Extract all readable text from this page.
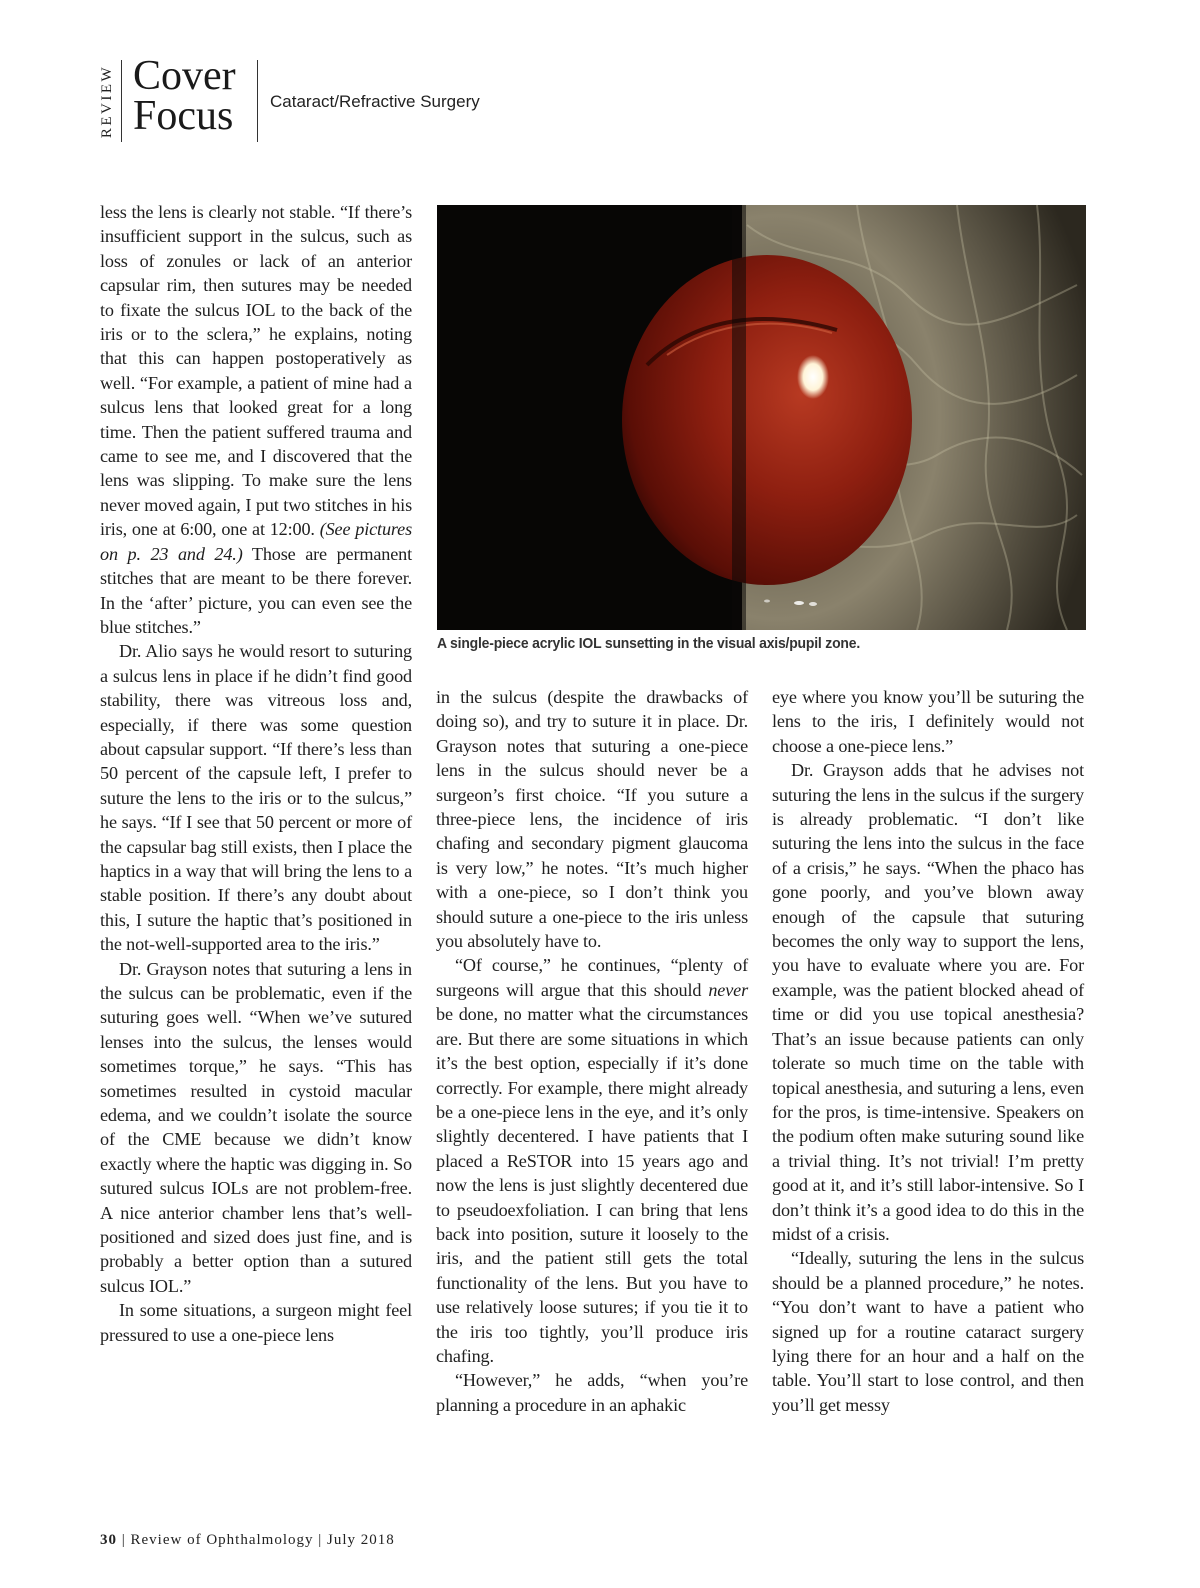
REVIEW Cover
Focus	Cataract/Refractive Surgery
A single-piece acrylic IOL sunsetting in the visual axis/pupil zone.

less the lens is clearly not stable. “If there’s insufficient support in the sulcus, such as loss of zonules or lack of an anterior capsular rim, then sutures may be needed to fixate the sulcus IOL to the back of the iris or to the sclera,” he explains, noting that this can happen postoperatively as well. “For example, a patient of mine had a sulcus lens that looked great for a long time. Then the patient suffered trauma and came to see me, and I discovered that the lens was slipping. To make sure the lens never moved again, I put two stitches in his iris, one at 6:00, one at 12:00. (See pictures on p. 23 and 24.) Those are permanent stitches that are meant to be there forever. In the ‘after’ picture, you can even see the blue stitches.”

Dr. Alio says he would resort to suturing a sulcus lens in place if he didn’t find good stability, there was vitreous loss and, especially, if there was some question about capsular support. “If there’s less than 50 percent of the capsule left, I prefer to suture the lens to the iris or to the sulcus,” he says. “If I see that 50 percent or more of the capsular bag still exists, then I place the haptics in a way that will bring the lens to a stable position. If there’s any doubt about this, I suture the haptic that’s positioned in the not-well-supported area to the iris.”

Dr. Grayson notes that suturing a lens in the sulcus can be problematic, even if the suturing goes well. “When we’ve sutured lenses into the sulcus, the lenses would sometimes torque,” he says. “This has sometimes resulted in cystoid macular edema, and we couldn’t isolate the source of the CME because we didn’t know exactly where the haptic was digging in. So sutured sulcus IOLs are not problem-free. A nice anterior chamber lens that’s well-positioned and sized does just fine, and is probably a better option than a sutured sulcus IOL.”

In some situations, a surgeon might feel pressured to use a one-piece lens

in the sulcus (despite the drawbacks of doing so), and try to suture it in place. Dr. Grayson notes that suturing a one-piece lens in the sulcus should never be a surgeon’s first choice. “If you suture a three-piece lens, the incidence of iris chafing and secondary pigment glaucoma is very low,” he notes. “It’s much higher with a one-piece, so I don’t think you should suture a one-piece to the iris unless you absolutely have to.

“Of course,” he continues, “plenty of surgeons will argue that this should never be done, no matter what the circumstances are. But there are some situations in which it’s the best option, especially if it’s done correctly. For example, there might already be a one-piece lens in the eye, and it’s only slightly decentered. I have patients that I placed a ReSTOR into 15 years ago and now the lens is just slightly decentered due to pseudoexfoliation. I can bring that lens back into position, suture it loosely to the iris, and the patient still gets the total functionality of the lens. But you have to use relatively loose sutures; if you tie it to the iris too tightly, you’ll produce iris chafing.

“However,” he adds, “when you’re planning a procedure in an aphakic

eye where you know you’ll be suturing the lens to the iris, I definitely would not choose a one-piece lens.”

Dr. Grayson adds that he advises not suturing the lens in the sulcus if the surgery is already problematic. “I don’t like suturing the lens into the sulcus in the face of a crisis,” he says. “When the phaco has gone poorly, and you’ve blown away enough of the capsule that suturing becomes the only way to support the lens, you have to evaluate where you are. For example, was the patient blocked ahead of time or did you use topical anesthesia? That’s an issue because patients can only tolerate so much time on the table with topical anesthesia, and suturing a lens, even for the pros, is time-intensive. Speakers on the podium often make suturing sound like a trivial thing. It’s not trivial! I’m pretty good at it, and it’s still labor-intensive. So I don’t think it’s a good idea to do this in the midst of a crisis.

“Ideally, suturing the lens in the sulcus should be a planned procedure,” he notes. “You don’t want to have a patient who signed up for a routine cataract surgery lying there for an hour and a half on the table. You’ll start to lose control, and then you’ll get messy

30 | Review of Ophthalmology | July 2018
